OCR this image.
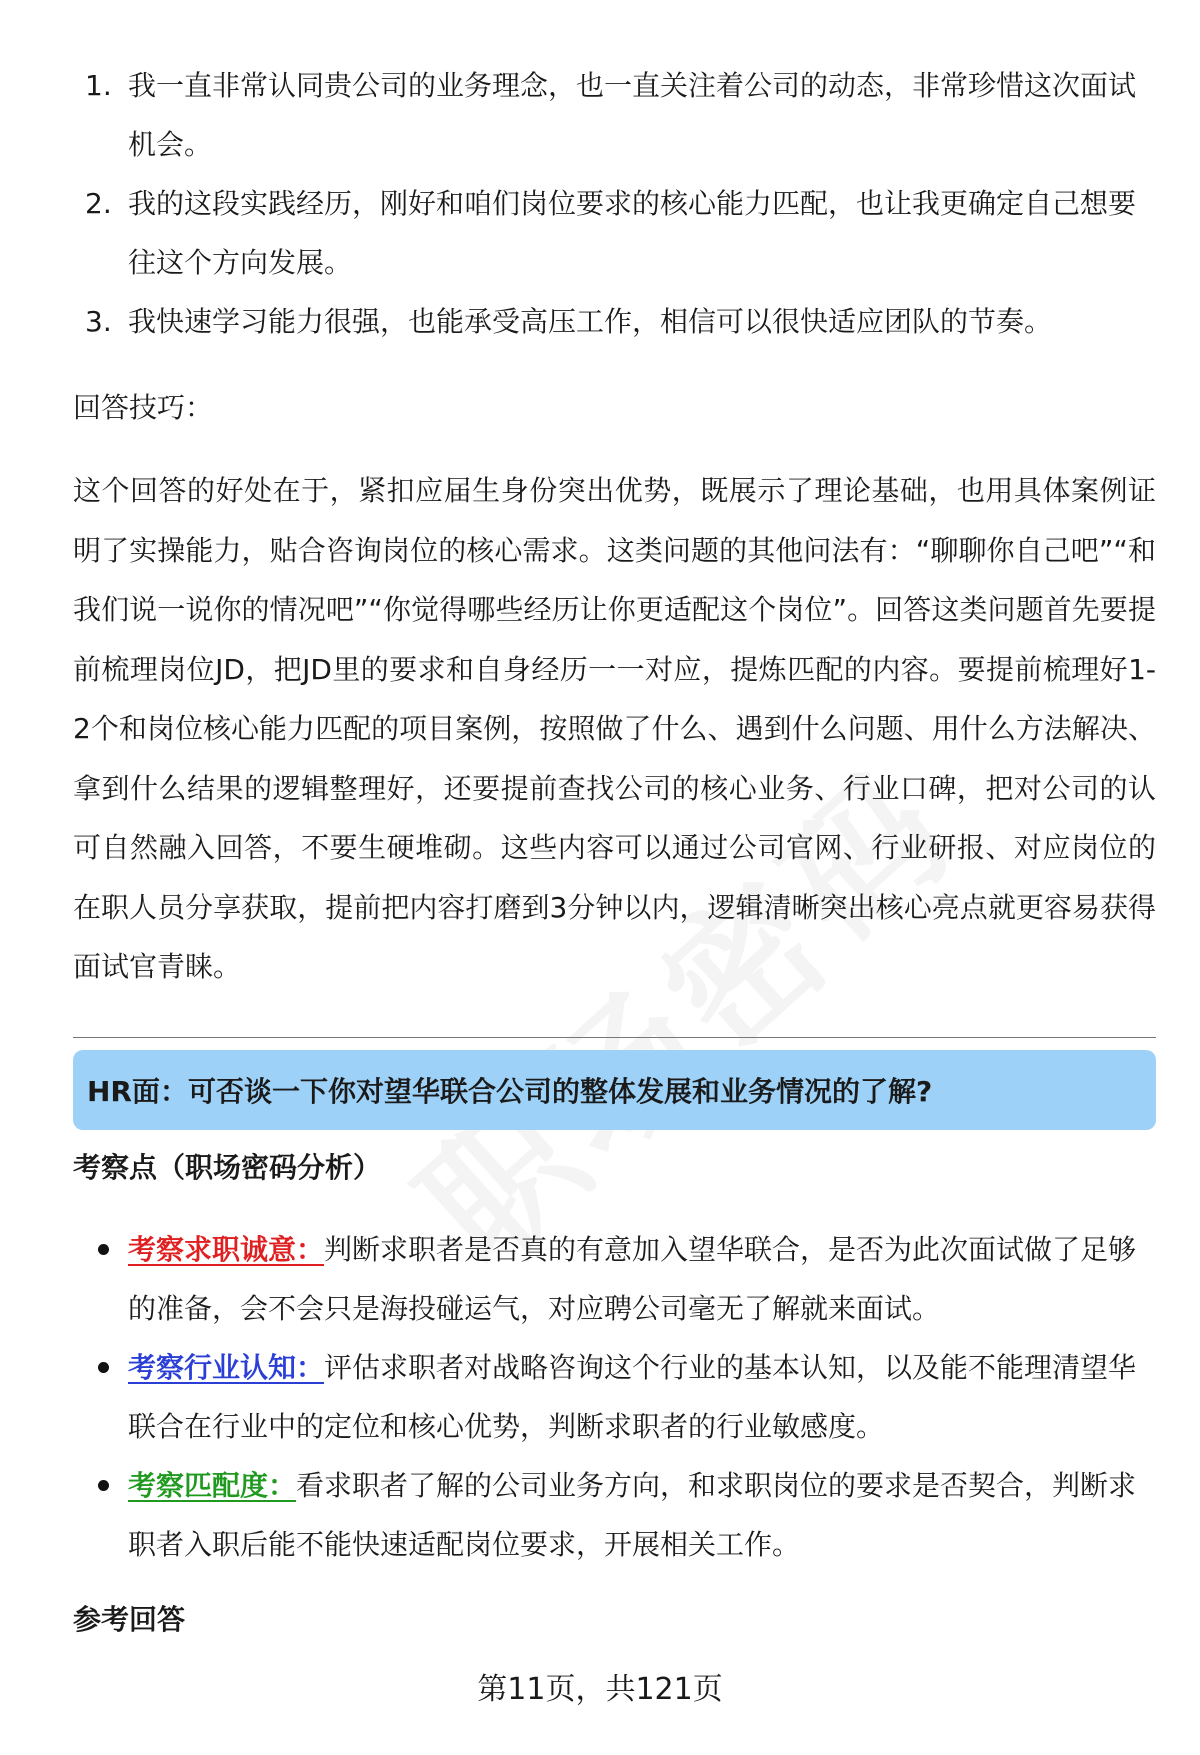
1. 我一直非常认同贵公司的业务理念，也一直关注着公司的动态，非常珍惜这次面试机会。
2. 我的这段实践经历，刚好和咱们岗位要求的核心能力匹配，也让我更确定自己想要往这个方向发展。
3. 我快速学习能力很强，也能承受高压工作，相信可以很快适应团队的节奏。
回答技巧：
这个回答的好处在于，紧扣应届生身份突出优势，既展示了理论基础，也用具体案例证明了实操能力，贴合咨询岗位的核心需求。这类问题的其他问法有：“聊聊你自己吧”“和我们说一说你的情况吧”“你觉得哪些经历让你更适配这个岗位”。回答这类问题首先要提前梳理岗位JD，把JD里的要求和自身经历一一对应，提炼匹配的内容。要提前梳理好1-2个和岗位核心能力匹配的项目案例，按照做了什么、遇到什么问题、用什么方法解决、拿到什么结果的逻辑整理好，还要提前查找公司的核心业务、行业口碑，把对公司的认可自然融入回答，不要生硬堆砌。这些内容可以通过公司官网、行业研报、对应岗位的在职人员分享获取，提前把内容打磨到3分钟以内，逻辑清晰突出核心亮点就更容易获得面试官青睐。
HR面：可否谈一下你对望华联合公司的整体发展和业务情况的了解?
考察点（职场密码分析）
考察求职诚意：判断求职者是否真的有意加入望华联合，是否为此次面试做了足够的准备，会不会只是海投碰运气，对应聘公司毫无了解就来面试。
考察行业认知：评估求职者对战略咨询这个行业的基本认知，以及能不能理清望华联合在行业中的定位和核心优势，判断求职者的行业敏感度。
考察匹配度：看求职者了解的公司业务方向，和求职岗位的要求是否契合，判断求职者入职后能不能快速适配岗位要求，开展相关工作。
参考回答
第11页，共121页
